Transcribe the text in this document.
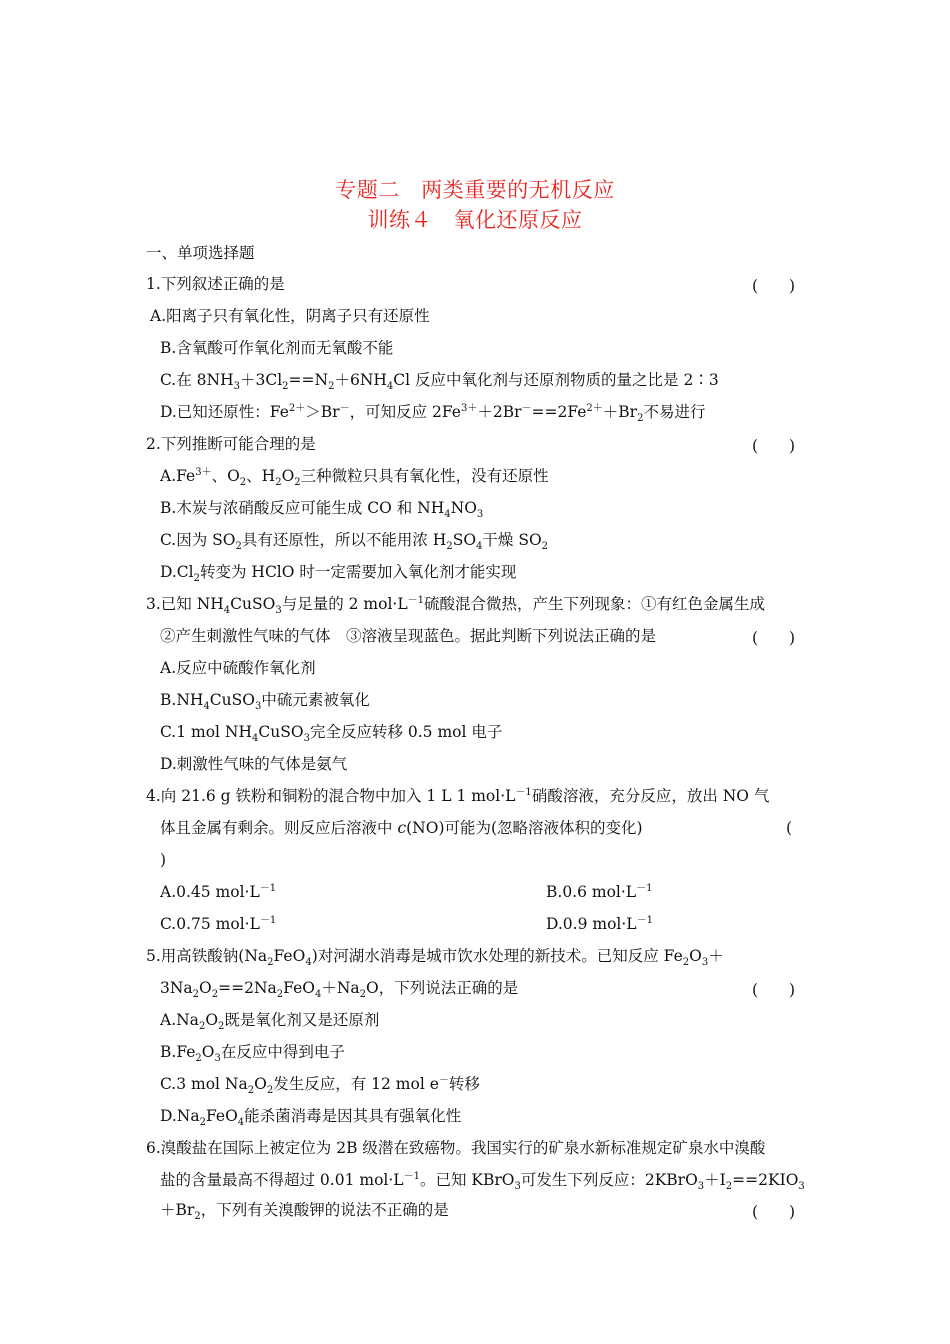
专题二　两类重要的无机反应
训练４　氧化还原反应
一、单项选择题
1.下列叙述正确的是	(　　)
A.阳离子只有氧化性，阴离子只有还原性
B.含氧酸可作氧化剂而无氧酸不能
C.在 $8NH_3+3Cl_2==N_2+6NH_4Cl$ 反应中氧化剂与还原剂物质的量之比是 2∶3
D.已知还原性：$Fe^{2+}>Br^-$，可知反应 $2Fe^{3+}+2Br^-==2Fe^{2+}+Br_2$不易进行
2.下列推断可能合理的是	(　　)
$A.Fe^{3+}$、$O_2$、$H_2O_2$三种微粒只具有氧化性，没有还原性
B.木炭与浓硝酸反应可能生成 CO 和 $NH_4NO_3$
C.因为 $SO_2$具有还原性，所以不能用浓 $H_2SO_4$干燥 $SO_2$
$D.Cl_2$转变为 HClO 时一定需要加入氧化剂才能实现
3.已知 $NH_4CuSO_3$与足量的 2 $mol\cdot L^{-1}$硫酸混合微热，产生下列现象：①有红色金属生成
②产生刺激性气味的气体　③溶液呈现蓝色。据此判断下列说法正确的是	(　　)
A.反应中硫酸作氧化剂
$B.NH_4CuSO_3$中硫元素被氧化
C.1 mol $NH_4CuSO_3$完全反应转移 0.5 mol 电子
D.刺激性气味的气体是氨气
4.向 21.6 g 铁粉和铜粉的混合物中加入 1 L 1 $mol\cdot L^{-1}$硝酸溶液，充分反应，放出 NO 气
体且金属有剩余。则反应后溶液中 c(NO)可能为(忽略溶液体积的变化)	(
)
A.0.45 $mol\cdot L^{-1}$	B.0.6 $mol\cdot L^{-1}$
C.0.75 $mol\cdot L^{-1}$	D.0.9 $mol\cdot L^{-1}$
5.用高铁酸钠$(Na_2FeO_4)$对河湖水消毒是城市饮水处理的新技术。已知反应 $Fe_2O_3+$
$3Na_2O_2==2Na_2FeO_4+Na_2O$，下列说法正确的是	(　　)
$A.Na_2O_2$既是氧化剂又是还原剂
$B.Fe_2O_3$在反应中得到电子
C.3 mol $Na_2O_2$发生反应，有 12 mol e－转移
$D.Na_2FeO_4$能杀菌消毒是因其具有强氧化性
6.溴酸盐在国际上被定位为 2B 级潜在致癌物。我国实行的矿泉水新标准规定矿泉水中溴酸
盐的含量最高不得超过 0.01 $mol\cdot L^{-1}$。已知 KBrO$_3$可发生下列反应：$2KBrO_3+I_2==2KIO_3$
$+Br_2$，下列有关溴酸钾的说法不正确的是	(　　)
